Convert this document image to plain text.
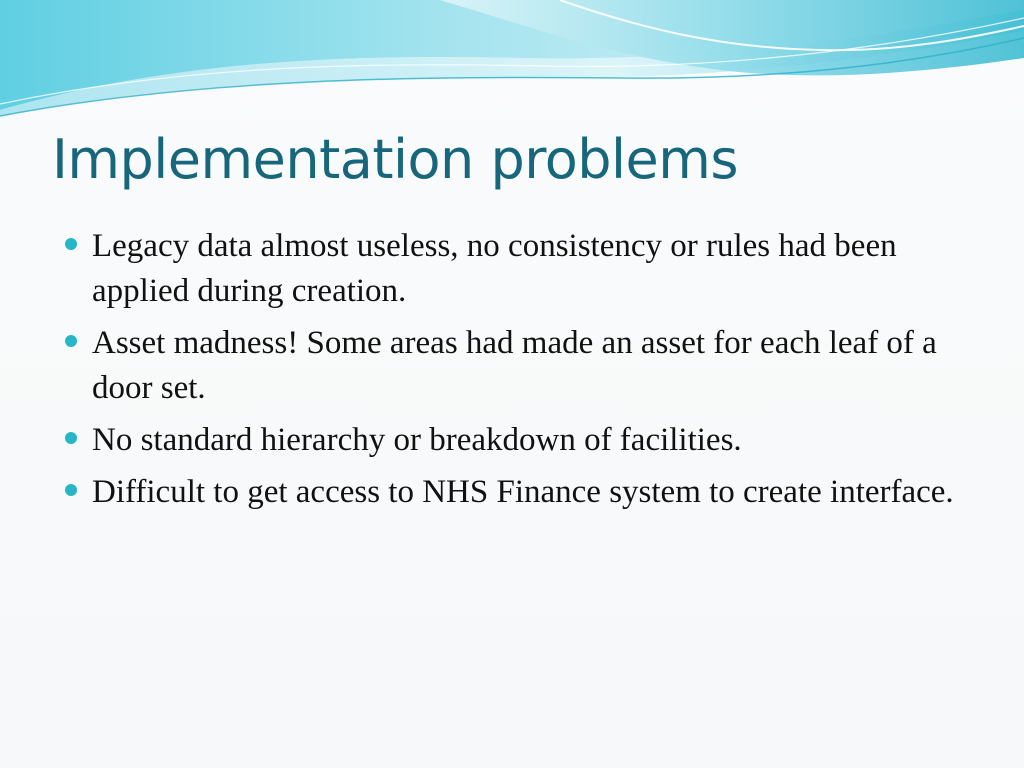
Implementation problems
Legacy data almost useless, no consistency or rules had been applied during creation.
Asset madness! Some areas had made an asset for each leaf of a door set.
No standard hierarchy or breakdown of facilities.
Difficult to get access to NHS Finance system to create interface.
